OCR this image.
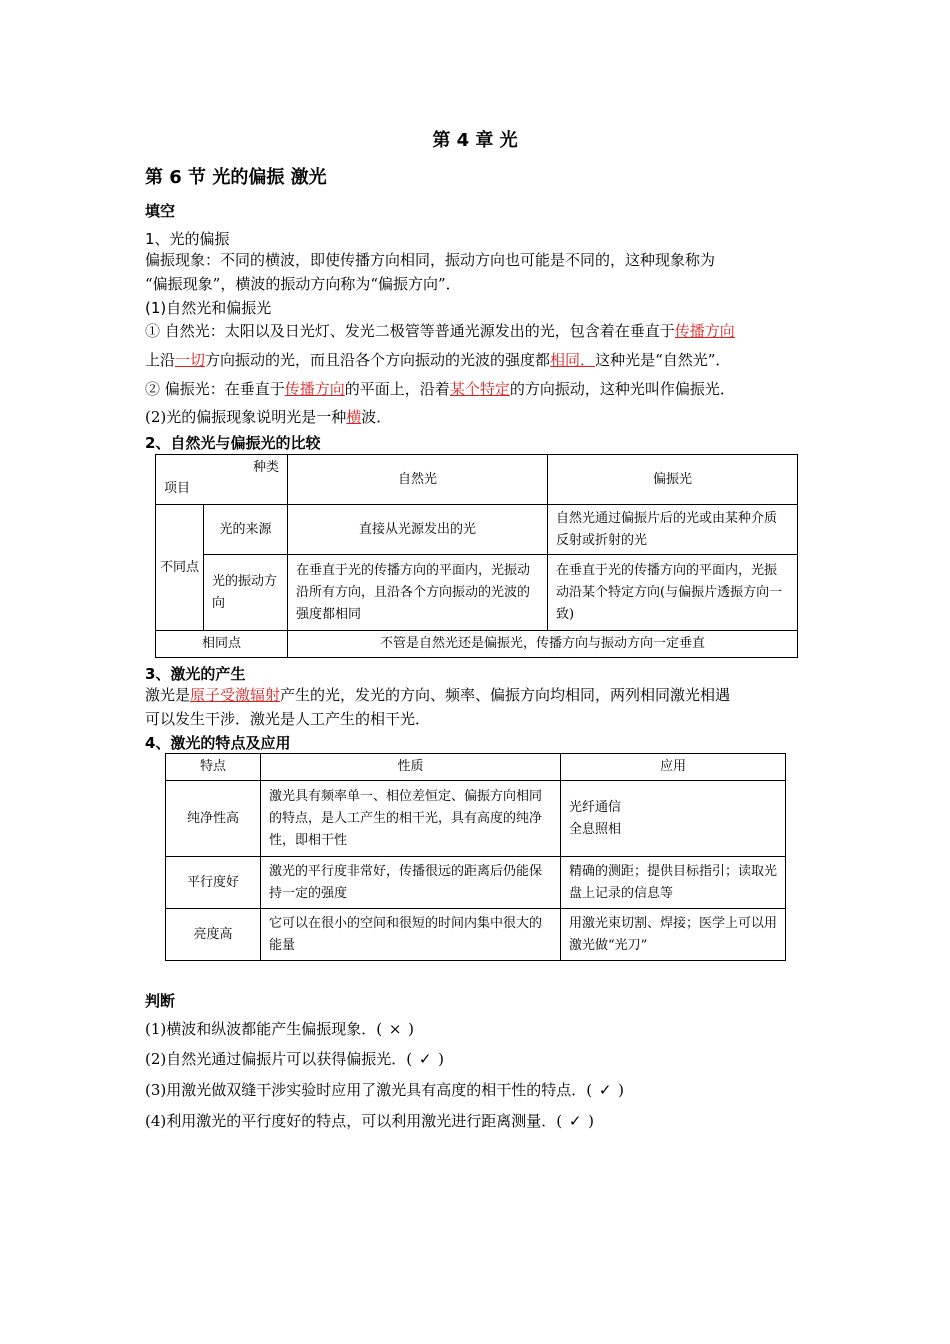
第 4 章 光
第 6 节 光的偏振 激光
填空
1、光的偏振
偏振现象：不同的横波，即使传播方向相同，振动方向也可能是不同的，这种现象称为
“偏振现象”，横波的振动方向称为“偏振方向”．
(1)自然光和偏振光
① 自然光：太阳以及日光灯、发光二极管等普通光源发出的光，包含着在垂直于传播方向
上沿一切方向振动的光，而且沿各个方向振动的光波的强度都相同．这种光是“自然光”．
② 偏振光：在垂直于传播方向的平面上，沿着某个特定的方向振动，这种光叫作偏振光．
(2)光的偏振现象说明光是一种横波．
2、自然光与偏振光的比较
种类
项目		自然光	偏振光
不同点	光的来源	直接从光源发出的光	自然光通过偏振片后的光或由某种介质反射或折射的光
	光的振动方向	在垂直于光的传播方向的平面内，光振动沿所有方向，且沿各个方向振动的光波的强度都相同	在垂直于光的传播方向的平面内，光振动沿某个特定方向(与偏振片透振方向一致)
相同点		不管是自然光还是偏振光，传播方向与振动方向一定垂直	
3、激光的产生
激光是原子受激辐射产生的光，发光的方向、频率、偏振方向均相同，两列相同激光相遇
可以发生干涉．激光是人工产生的相干光．
4、激光的特点及应用
特点	性质	应用
纯净性高	激光具有频率单一、相位差恒定、偏振方向相同的特点，是人工产生的相干光，具有高度的纯净性，即相干性	光纤通信
全息照相

平行度好	激光的平行度非常好，传播很远的距离后仍能保持一定的强度	精确的测距；提供目标指引；读取光盘上记录的信息等
亮度高	它可以在很小的空间和很短的时间内集中很大的能量	用激光束切割、焊接；医学上可以用激光做“光刀”
判断
(1)横波和纵波都能产生偏振现象．( × )
(2)自然光通过偏振片可以获得偏振光．( ✓ )
(3)用激光做双缝干涉实验时应用了激光具有高度的相干性的特点．( ✓ )
(4)利用激光的平行度好的特点，可以利用激光进行距离测量．( ✓ )
